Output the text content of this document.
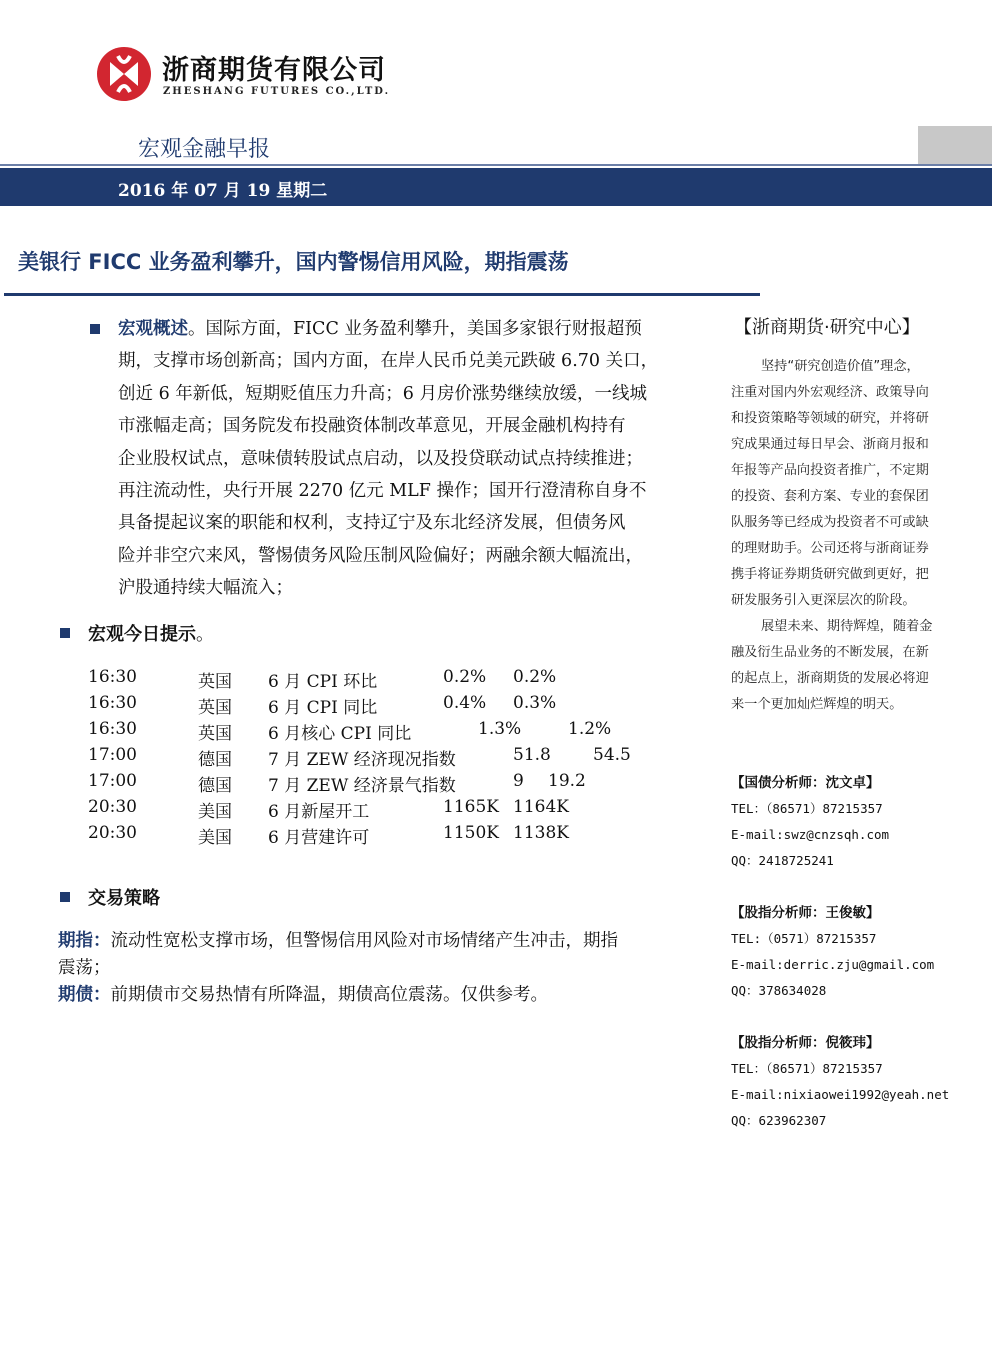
浙商期货有限公司
ZHESHANG FUTURES CO.,LTD.
宏观金融早报
2016 年 07 月 19 星期二
美银行 FICC 业务盈利攀升，国内警惕信用风险，期指震荡
宏观概述。国际方面，FICC 业务盈利攀升，美国多家银行财报超预
期，支撑市场创新高；国内方面，在岸人民币兑美元跌破 6.70 关口，
创近 6 年新低，短期贬值压力升高；6 月房价涨势继续放缓，一线城
市涨幅走高；国务院发布投融资体制改革意见，开展金融机构持有
企业股权试点，意味债转股试点启动，以及投贷联动试点持续推进；
再注流动性，央行开展 2270 亿元 MLF 操作；国开行澄清称自身不
具备提起议案的职能和权利，支持辽宁及东北经济发展，但债务风
险并非空穴来风，警惕债务风险压制风险偏好；两融余额大幅流出，
沪股通持续大幅流入；
宏观今日提示。
16:30	英国 6 月 CPI 环比	0.2% 0.2%
16:30	英国 6 月 CPI 同比	0.4% 0.3%
16:30	英国 6 月核心 CPI 同比	1.3%	1.2%
17:00	德国 7 月 ZEW 经济现况指数	51.8 54.5
17:00	德国 7 月 ZEW 经济景气指数	9 19.2
20:30	美国 6 月新屋开工	1165K 1164K
20:30	美国 6 月营建许可	1150K 1138K
交易策略
期指：流动性宽松支撑市场，但警惕信用风险对市场情绪产生冲击，期指
震荡；
期债：前期债市交易热情有所降温，期债高位震荡。仅供参考。
【浙商期货·研究中心】
坚持“研究创造价值”理念，
注重对国内外宏观经济、政策导向
和投资策略等领域的研究，并将研
究成果通过每日早会、浙商月报和
年报等产品向投资者推广，不定期
的投资、套利方案、专业的套保团
队服务等已经成为投资者不可或缺
的理财助手。公司还将与浙商证券
携手将证券期货研究做到更好，把
研发服务引入更深层次的阶段。
展望未来、期待辉煌，随着金
融及衍生品业务的不断发展，在新
的起点上，浙商期货的发展必将迎
来一个更加灿烂辉煌的明天。
【国债分析师：沈文卓】
TEL：（86571）87215357
E-mail:swz@cnzsqh.com
QQ：2418725241
【股指分析师：王俊敏】
TEL:（0571）87215357
E-mail:derric.zju@gmail.com
QQ：378634028
【股指分析师：倪筱玮】
TEL：（86571）87215357
E-mail:nixiaowei1992@yeah.net
QQ：623962307
